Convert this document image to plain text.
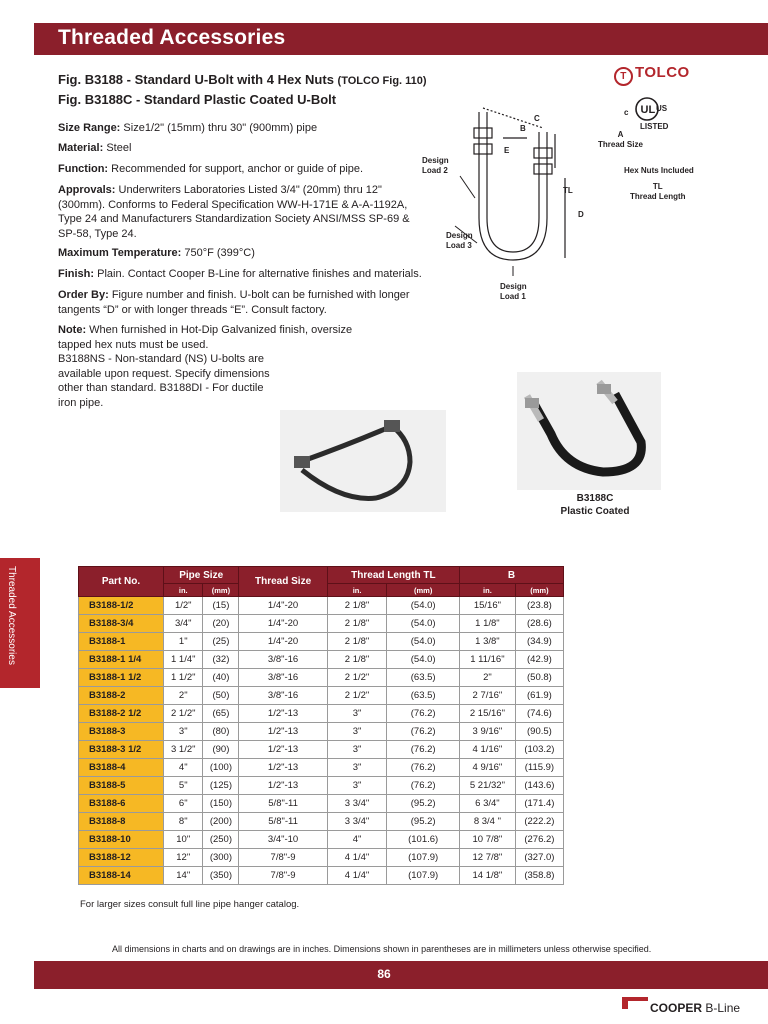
Threaded Accessories
Fig. B3188 - Standard U-Bolt with 4 Hex Nuts (TOLCO Fig. 110)
Fig. B3188C - Standard Plastic Coated U-Bolt
Size Range: Size1/2" (15mm) thru 30" (900mm) pipe
Material: Steel
Function: Recommended for support, anchor or guide of pipe.
Approvals: Underwriters Laboratories Listed 3/4" (20mm) thru 12" (300mm). Conforms to Federal Specification WW-H-171E & A-A-1192A, Type 24 and Manufacturers Standardization Society ANSI/MSS SP-69 & SP-58, Type 24.
Maximum Temperature: 750°F (399°C)
Finish: Plain. Contact Cooper B-Line for alternative finishes and materials.
Order By: Figure number and finish. U-bolt can be furnished with longer tangents “D” or with longer threads “E”. Consult factory.
Note: When furnished in Hot-Dip Galvanized finish, oversize tapped hex nuts must be used.
B3188NS - Non-standard (NS) U-bolts are available upon request. Specify dimensions other than standard. B3188DI - For ductile iron pipe.
T TOLCO
UL
c	US
LISTED
A
Thread Size
B
C
E
TL
D
Hex Nuts Included
TL
Thread Length
Design
Load 2
Design
Load 3
Design
Load 1
B3188C
Plastic Coated
Threaded Accessories	Part No.	Pipe Size		Thread Size	Thread Length TL		B	
	in.	(mm)		in.	(mm)	in.	(mm)
B3188-1/2	1/2"	(15)	1/4"-20	2 1/8"	(54.0)	15/16"	(23.8)
B3188-3/4	3/4"	(20)	1/4"-20	2 1/8"	(54.0)	1 1/8"	(28.6)
B3188-1	1"	(25)	1/4"-20	2 1/8"	(54.0)	1 3/8"	(34.9)
B3188-1 1/4	1 1/4"	(32)	3/8"-16	2 1/8"	(54.0)	1 11/16"	(42.9)
B3188-1 1/2	1 1/2"	(40)	3/8"-16	2 1/2"	(63.5)	2"	(50.8)
B3188-2	2"	(50)	3/8"-16	2 1/2"	(63.5)	2 7/16"	(61.9)
B3188-2 1/2	2 1/2"	(65)	1/2"-13	3"	(76.2)	2 15/16"	(74.6)
B3188-3	3"	(80)	1/2"-13	3"	(76.2)	3 9/16"	(90.5)
B3188-3 1/2	3 1/2"	(90)	1/2"-13	3"	(76.2)	4 1/16"	(103.2)
B3188-4	4"	(100)	1/2"-13	3"	(76.2)	4 9/16"	(115.9)
B3188-5	5"	(125)	1/2"-13	3"	(76.2)	5 21/32"	(143.6)
B3188-6	6"	(150)	5/8"-11	3 3/4"	(95.2)	6 3/4"	(171.4)
B3188-8	8"	(200)	5/8"-11	3 3/4"	(95.2)	8 3/4 "	(222.2)
B3188-10	10"	(250)	3/4"-10	4"	(101.6)	10 7/8"	(276.2)
B3188-12	12"	(300)	7/8"-9	4 1/4"	(107.9)	12 7/8"	(327.0)
B3188-14	14"	(350)	7/8"-9	4 1/4"	(107.9)	14 1/8"	(358.8)
For larger sizes consult full line pipe hanger catalog.
All dimensions in charts and on drawings are in inches. Dimensions shown in parentheses are in millimeters unless otherwise specified.
86
COOPER B-Line
